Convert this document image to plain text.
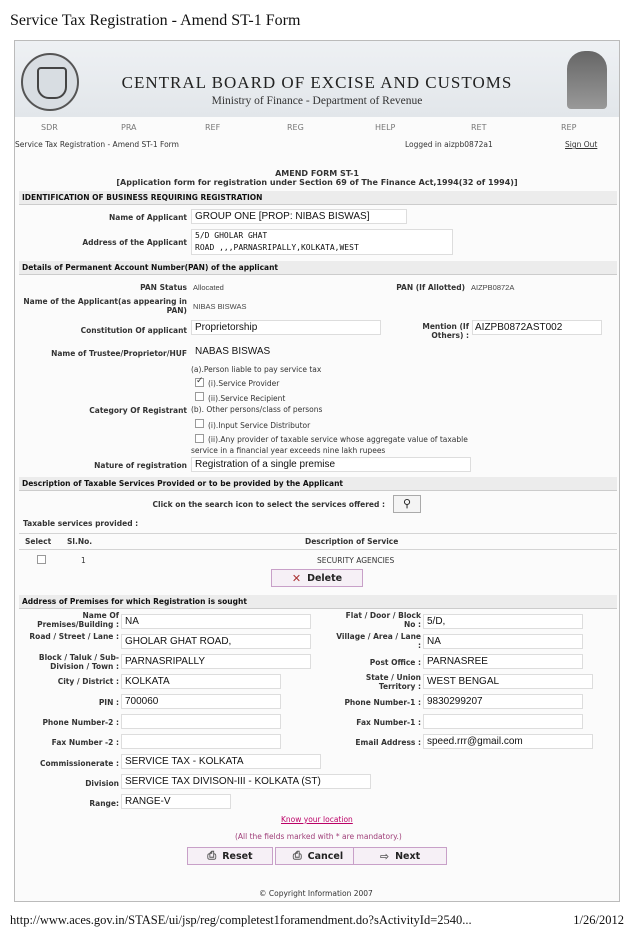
Service Tax Registration - Amend ST-1 Form
CENTRAL BOARD OF EXCISE AND CUSTOMS
Ministry of Finance - Department of Revenue
SDR	PRA	REF	REG	HELP	RET	REP
Service Tax Registration - Amend ST-1 Form	Logged in aizpb0872a1	Sign Out
AMEND FORM ST-1
[Application form for registration under Section 69 of The Finance Act,1994(32 of 1994)]
IDENTIFICATION OF BUSINESS REQUIRING REGISTRATION
Name of Applicant GROUP ONE [PROP: NIBAS BISWAS]
Address of the Applicant
5/D GHOLAR GHAT
ROAD ,,,PARNASRIPALLY,KOLKATA,WEST
Details of Permanent Account Number(PAN) of the applicant
PAN Status Allocated	PAN (If Allotted) AIZPB0872A
Name of the Applicant(as appearing in PAN) NIBAS BISWAS
Constitution Of applicant Proprietorship	Mention (If Others) :
AIZPB0872AST002
Name of Trustee/Proprietor/HUF NABAS BISWAS
(a).Person liable to pay service tax
✓
(i).Service Provider
(ii).Service Recipient
Category Of Registrant (b). Other persons/class of persons
(i).Input Service Distributor
(ii).Any provider of taxable service whose aggregate value of taxable
service in a financial year exceeds nine lakh rupees
Nature of registration Registration of a single premise
Description of Taxable Services Provided or to be provided by the Applicant
Click on the search icon to select the services offered :	⚲
Taxable services provided :
Select Sl.No.	Description of Service
1	SECURITY AGENCIES
✕ Delete
Address of Premises for which Registration is sought
Name Of Premises/Building : NA
Flat / Door / Block No : 5/D,
Road / Street / Lane : GHOLAR GHAT ROAD,	Village / Area / Lane : NA
Block / Taluk / Sub-Division / Town : PARNASRIPALLY	Post Office : PARNASREE
City / District : KOLKATA	State / Union Territory : WEST BENGAL
PIN : 700060	Phone Number-1 : 9830299207
Phone Number-2 :	Fax Number-1 :
Fax Number -2 :	Email Address : speed.rrr@gmail.com
Commissionerate : SERVICE TAX - KOLKATA
Division SERVICE TAX DIVISON-III - KOLKATA (ST)
Range: RANGE-V
Know your location
(All the fields marked with * are mandatory.)
⎙ Reset	⎙ Cancel	⇨ Next
© Copyright Information 2007
http://www.aces.gov.in/STASE/ui/jsp/reg/completest1foramendment.do?sActivityId=2540...	1/26/2012
